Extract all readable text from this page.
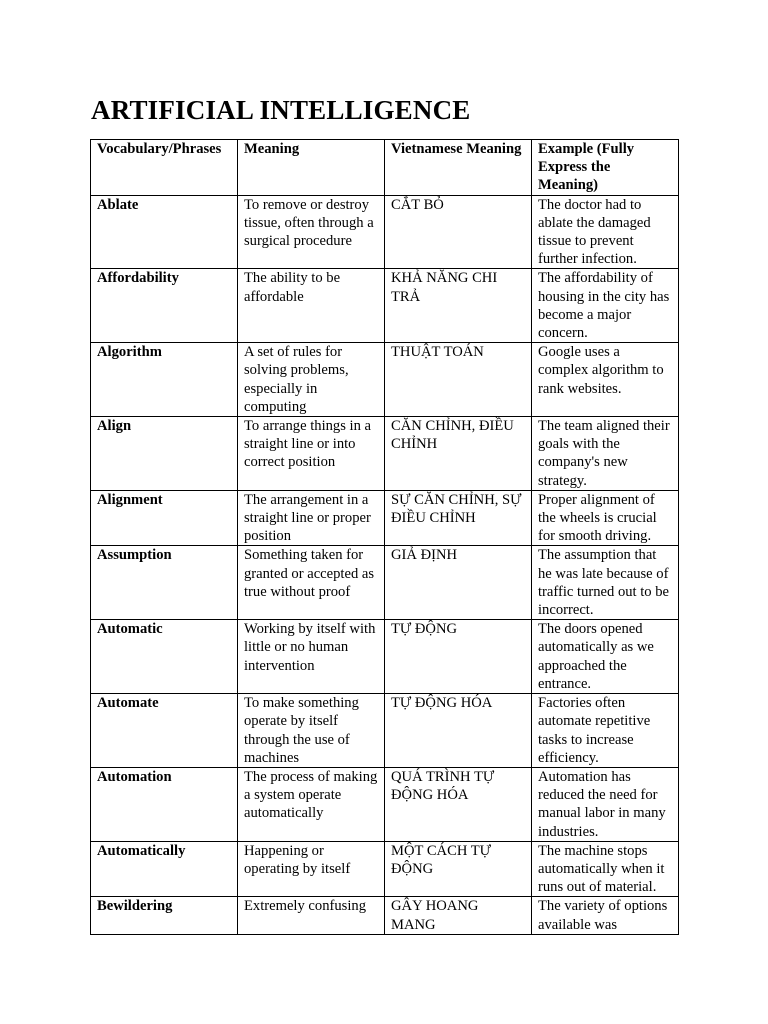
ARTIFICIAL INTELLIGENCE
Vocabulary/Phrases	Meaning	Vietnamese Meaning	Example (Fully Express the Meaning)
Ablate	To remove or destroy tissue, often through a surgical procedure	CẮT BỎ	The doctor had to ablate the damaged tissue to prevent further infection.
Affordability	The ability to be affordable	KHẢ NĂNG CHI TRẢ	The affordability of housing in the city has become a major concern.
Algorithm	A set of rules for solving problems, especially in computing	THUẬT TOÁN	Google uses a complex algorithm to rank websites.
Align	To arrange things in a straight line or into correct position	CĂN CHỈNH, ĐIỀU CHỈNH	The team aligned their goals with the company's new strategy.
Alignment	The arrangement in a straight line or proper position	SỰ CĂN CHỈNH, SỰ ĐIỀU CHỈNH	Proper alignment of the wheels is crucial for smooth driving.
Assumption	Something taken for granted or accepted as true without proof	GIẢ ĐỊNH	The assumption that he was late because of traffic turned out to be incorrect.
Automatic	Working by itself with little or no human intervention	TỰ ĐỘNG	The doors opened automatically as we approached the entrance.
Automate	To make something operate by itself through the use of machines	TỰ ĐỘNG HÓA	Factories often automate repetitive tasks to increase efficiency.
Automation	The process of making a system operate automatically	QUÁ TRÌNH TỰ ĐỘNG HÓA	Automation has reduced the need for manual labor in many industries.
Automatically	Happening or operating by itself	MỘT CÁCH TỰ ĐỘNG	The machine stops automatically when it runs out of material.
Bewildering	Extremely confusing	GÂY HOANG MANG	The variety of options available was
